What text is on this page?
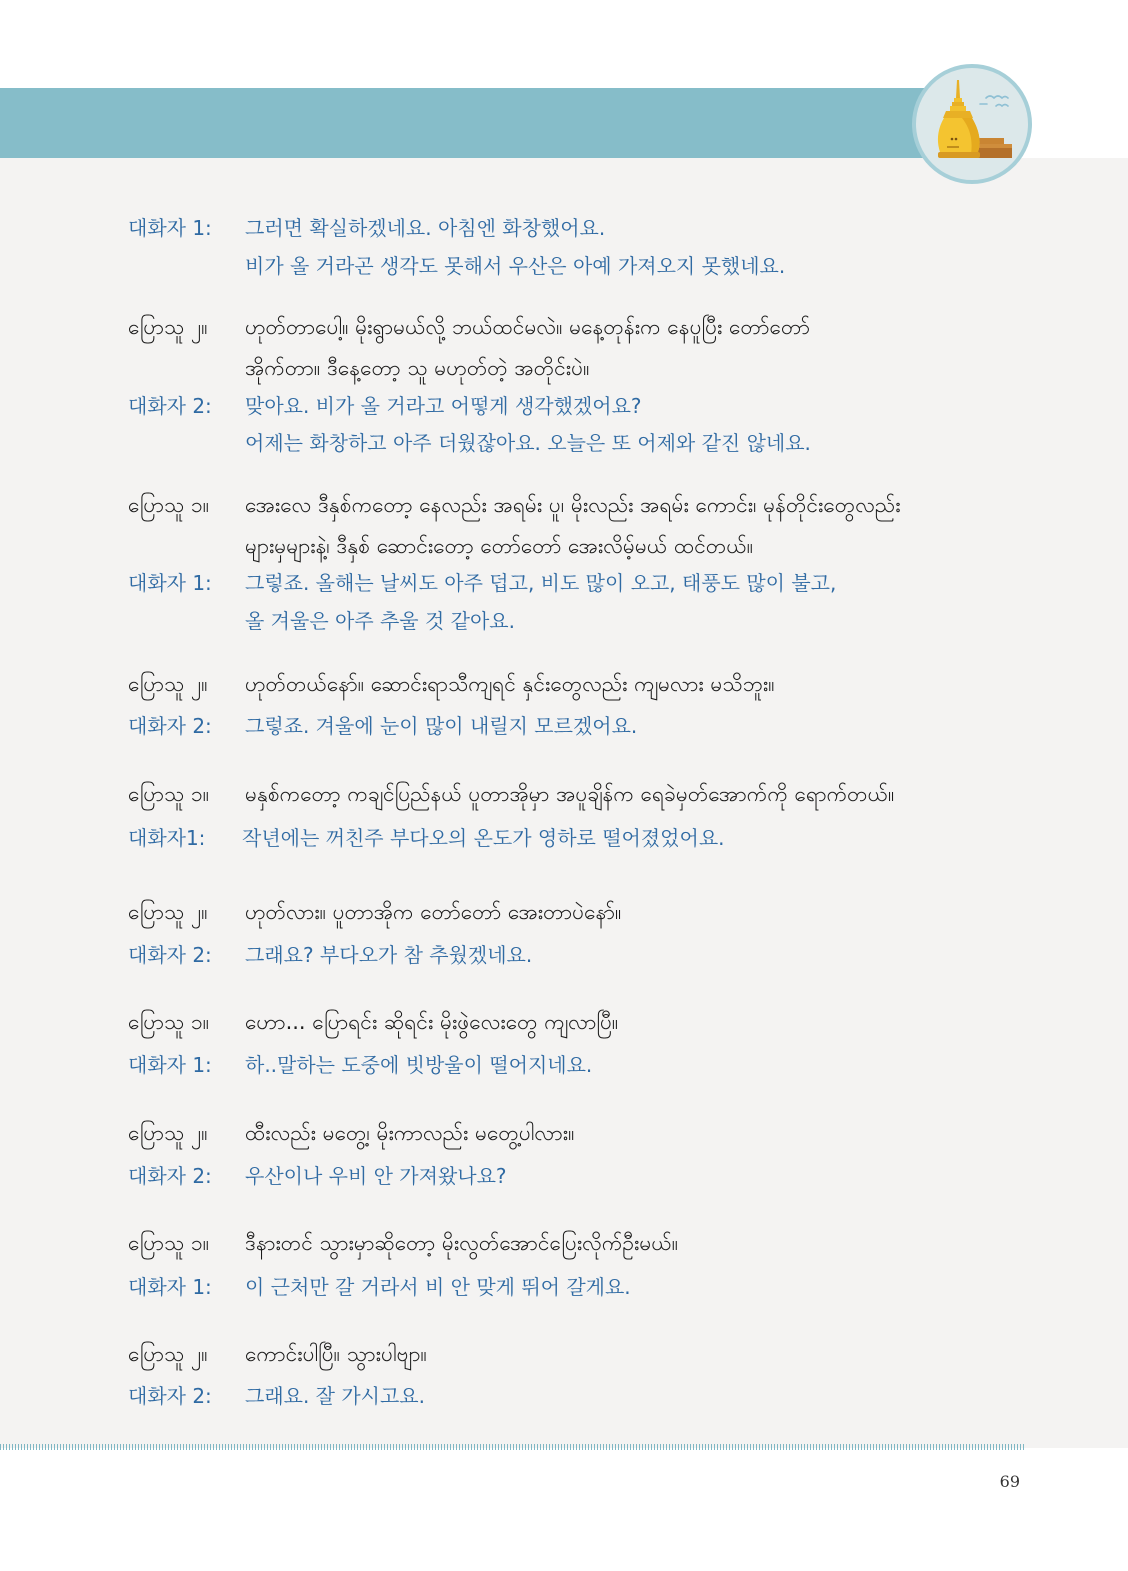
대화자 1: 그러면 확실하겠네요. 아침엔 화창했어요.
비가 올 거라곤 생각도 못해서 우산은 아예 가져오지 못했네요.
ပြောသူ ၂။ ဟုတ်တာပေါ့။ မိုးရွာမယ်လို့ ဘယ်ထင်မလဲ။ မနေ့တုန်းက နေပူပြီး တော်တော်
အိုက်တာ။ ဒီနေ့တော့ သူ မဟုတ်တဲ့ အတိုင်းပဲ။
대화자 2: 맞아요. 비가 올 거라고 어떻게 생각했겠어요?
어제는 화창하고 아주 더웠잖아요. 오늘은 또 어제와 같진 않네요.
ပြောသူ ၁။ အေးလေ ဒီနှစ်ကတော့ နေလည်း အရမ်း ပူ၊ မိုးလည်း အရမ်း ကောင်း၊ မုန်တိုင်းတွေလည်း
များမှများနဲ့၊ ဒီနှစ် ဆောင်းတော့ တော်တော် အေးလိမ့်မယ် ထင်တယ်။
대화자 1: 그렇죠. 올해는 날씨도 아주 덥고, 비도 많이 오고, 태풍도 많이 불고,
올 겨울은 아주 추울 것 같아요.
ပြောသူ ၂။ ဟုတ်တယ်နော်။ ဆောင်းရာသီကျရင် နှင်းတွေလည်း ကျမလား မသိဘူး။
대화자 2: 그렇죠. 겨울에 눈이 많이 내릴지 모르겠어요.
ပြောသူ ၁။ မနှစ်ကတော့ ကချင်ပြည်နယ် ပူတာအိုမှာ အပူချိန်က ရေခဲမှတ်အောက်ကို ရောက်တယ်။
대화자1: 작년에는 꺼친주 부다오의 온도가 영하로 떨어졌었어요.
ပြောသူ ၂။ ဟုတ်လား။ ပူတာအိုက တော်တော် အေးတာပဲနော်။
대화자 2: 그래요? 부다오가 참 추웠겠네요.
ပြောသူ ၁။ ဟော... ပြောရင်း ဆိုရင်း မိုးဖွဲလေးတွေ ကျလာပြီ။
대화자 1: 하..말하는 도중에 빗방울이 떨어지네요.
ပြောသူ ၂။ ထီးလည်း မတွေ့၊ မိုးကာလည်း မတွေ့ပါလား။
대화자 2: 우산이나 우비 안 가져왔나요?
ပြောသူ ၁။ ဒီနားတင် သွားမှာဆိုတော့ မိုးလွတ်အောင်ပြေးလိုက်ဦးမယ်။
대화자 1: 이 근처만 갈 거라서 비 안 맞게 뛰어 갈게요.
ပြောသူ ၂။ ကောင်းပါပြီ။ သွားပါဗျာ။
대화자 2: 그래요. 잘 가시고요.
69
